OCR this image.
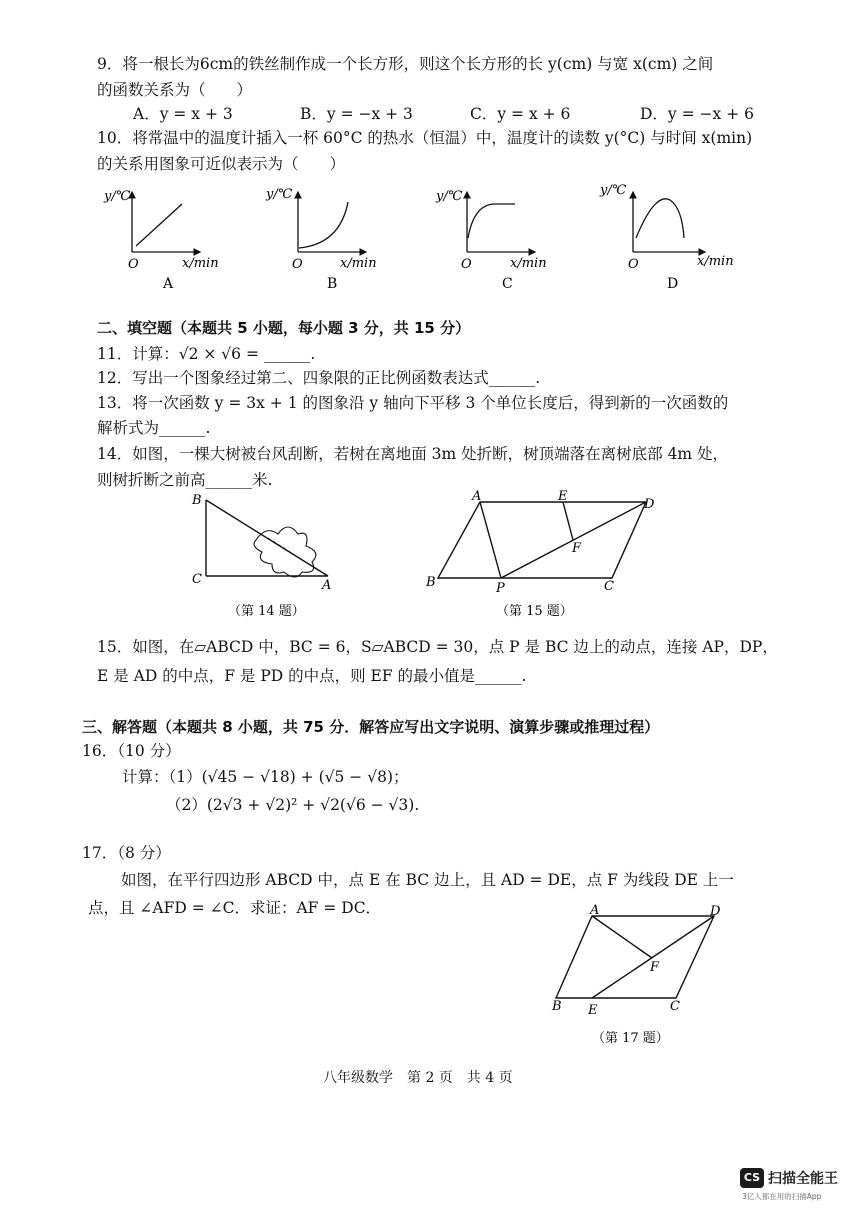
9．将一根长为6cm的铁丝制作成一个长方形，则这个长方形的长 y(cm) 与宽 x(cm) 之间
的函数关系为（　　）
A．y = x + 3	B．y = −x + 3	C．y = x + 6	D．y = −x + 6
10．将常温中的温度计插入一杯 60°C 的热水（恒温）中，温度计的读数 y(°C) 与时间 x(min)
的关系用图象可近似表示为（　　）
y/℃
x/min
O
A
y/℃
x/min
O
B
y/℃
x/min
O
C
y/℃
x/min
O
D
二、填空题（本题共 5 小题，每小题 3 分，共 15 分）
11．计算：√2 × √6 = ______.
12．写出一个图象经过第二、四象限的正比例函数表达式______.
13．将一次函数 y = 3x + 1 的图象沿 y 轴向下平移 3 个单位长度后，得到新的一次函数的
解析式为______.
14．如图，一棵大树被台风刮断，若树在离地面 3m 处折断，树顶端落在离树底部 4m 处，
则树折断之前高______米.
B
C	A
（第 14 题）
A	E
D
F
B	P	C
（第 15 题）
15．如图，在▱ABCD 中，BC = 6，S▱ABCD = 30，点 P 是 BC 边上的动点，连接 AP，DP，
E 是 AD 的中点，F 是 PD 的中点，则 EF 的最小值是______.
三、解答题（本题共 8 小题，共 75 分．解答应写出文字说明、演算步骤或推理过程）
16．（10 分）
计算：（1）(√45 − √18) + (√5 − √8)；
（2）(2√3 + √2)² + √2(√6 − √3).
17．（8 分）
如图，在平行四边形 ABCD 中，点 E 在 BC 边上，且 AD = DE，点 F 为线段 DE 上一
点，且 ∠AFD = ∠C．求证：AF = DC．	A	D
F
B E	C
（第 17 题）
八年级数学　第 2 页　共 4 页
CS 扫描全能王
3亿人都在用的扫描App
